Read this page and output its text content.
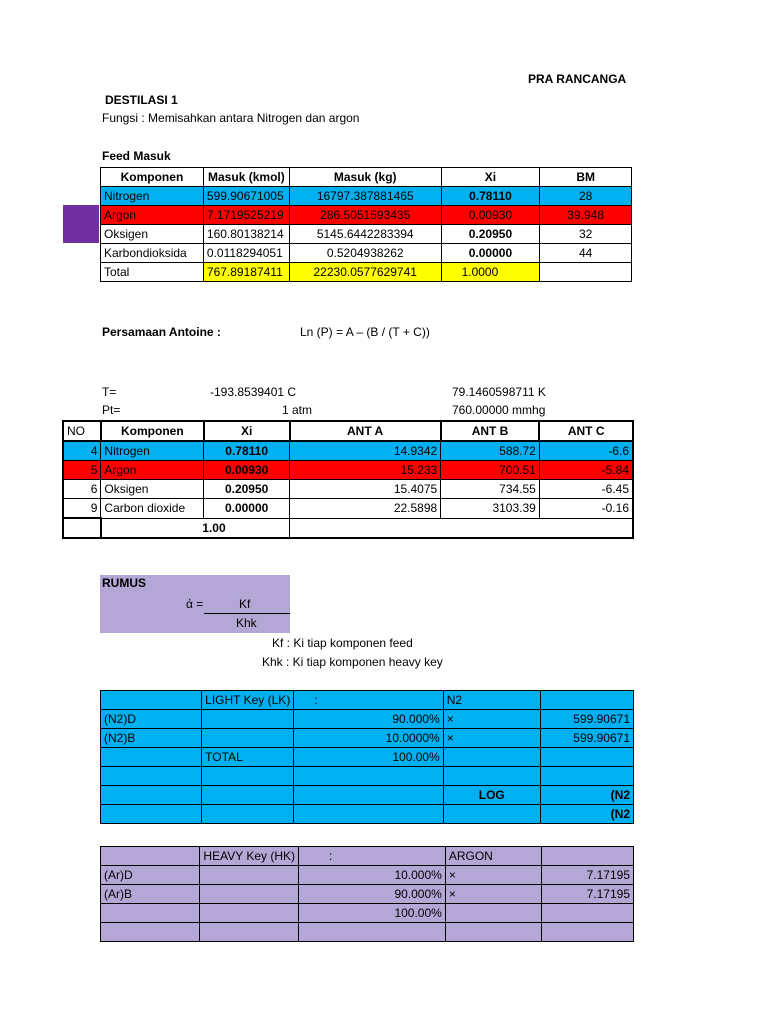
PRA RANCANGA
DESTILASI 1
Fungsi : Memisahkan antara Nitrogen dan argon
Feed Masuk
Komponen	Masuk (kmol)	Masuk (kg)	Xi	BM
Nitrogen	599.90671005	16797.387881465	0.78110	28
Argon	7.1719525219	286.5051593435	0.00930	39.948
Oksigen	160.80138214	5145.6442283394	0.20950	32
Karbondioksida	0.0118294051	0.5204938262	0.00000	44
Total	767.89187411	22230.0577629741	1.0000	
Persamaan Antoine :	Ln (P) = A – (B / (T + C))
T=	-193.8539401 C	79.1460598711 K
Pt=	1 atm	760.00000 mmhg
NO	Komponen	Xi	ANT A	ANT B	ANT C
4	Nitrogen	0.78110	14.9342	588.72	-6.6
5	Argon	0.00930	15.233	700.51	-5.84
6	Oksigen	0.20950	15.4075	734.55	-6.45
9	Carbon dioxide	0.00000	22.5898	3103.39	-0.16
	1.00				
RUMUS
ά =	Kf
Khk
Kf : Ki tiap komponen feed
Khk : Ki tiap komponen heavy key
	LIGHT Key (LK)	:	N2	
(N2)D		90.000%	×	599.90671
(N2)B		10.0000%	×	599.90671
	TOTAL	100.00%		

			LOG	(N2
				(N2
	HEAVY Key (HK)	:	ARGON	
(Ar)D		10.000%	×	7.17195
(Ar)B		90.000%	×	7.17195
		100.00%		
